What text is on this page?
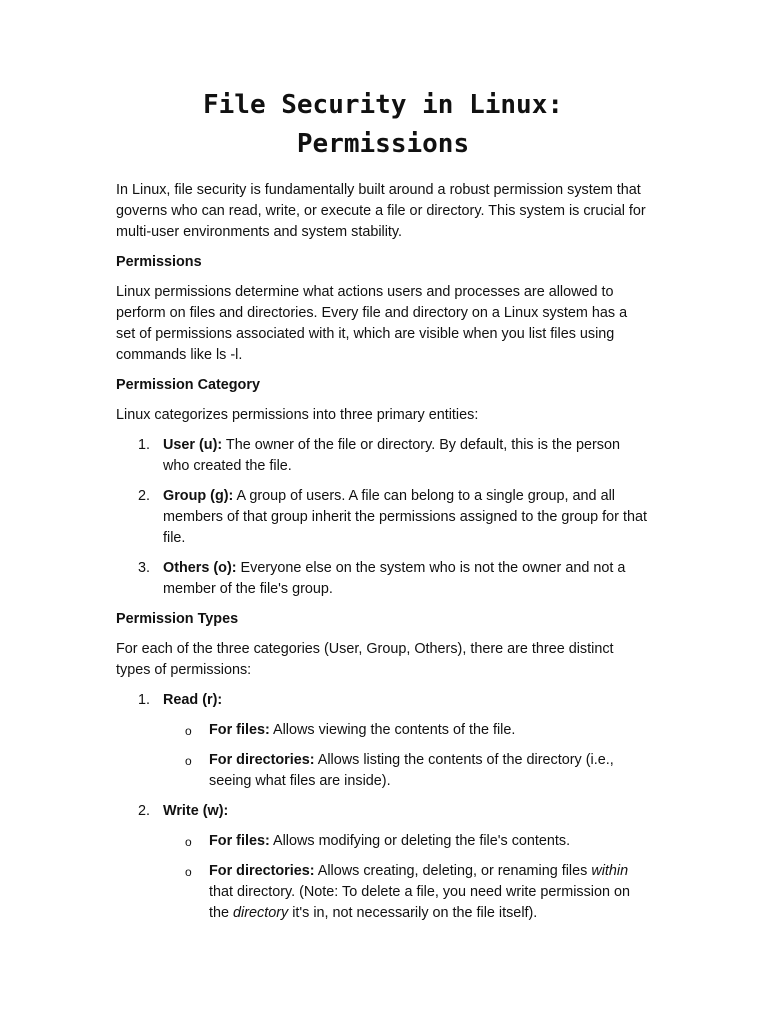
File Security in Linux:
Permissions

In Linux, file security is fundamentally built around a robust permission system that governs who can read, write, or execute a file or directory. This system is crucial for multi-user environments and system stability.

Permissions

Linux permissions determine what actions users and processes are allowed to perform on files and directories. Every file and directory on a Linux system has a set of permissions associated with it, which are visible when you list files using commands like ls -l.

Permission Category

Linux categorizes permissions into three primary entities:

1. User (u): The owner of the file or directory. By default, this is the person who created the file.
2. Group (g): A group of users. A file can belong to a single group, and all members of that group inherit the permissions assigned to the group for that file.
3. Others (o): Everyone else on the system who is not the owner and not a member of the file's group.

Permission Types

For each of the three categories (User, Group, Others), there are three distinct types of permissions:

1. Read (r):
o For files: Allows viewing the contents of the file.
o For directories: Allows listing the contents of the directory (i.e., seeing what files are inside).
2. Write (w):
o For files: Allows modifying or deleting the file's contents.
o For directories: Allows creating, deleting, or renaming files within that directory. (Note: To delete a file, you need write permission on the directory it's in, not necessarily on the file itself).
